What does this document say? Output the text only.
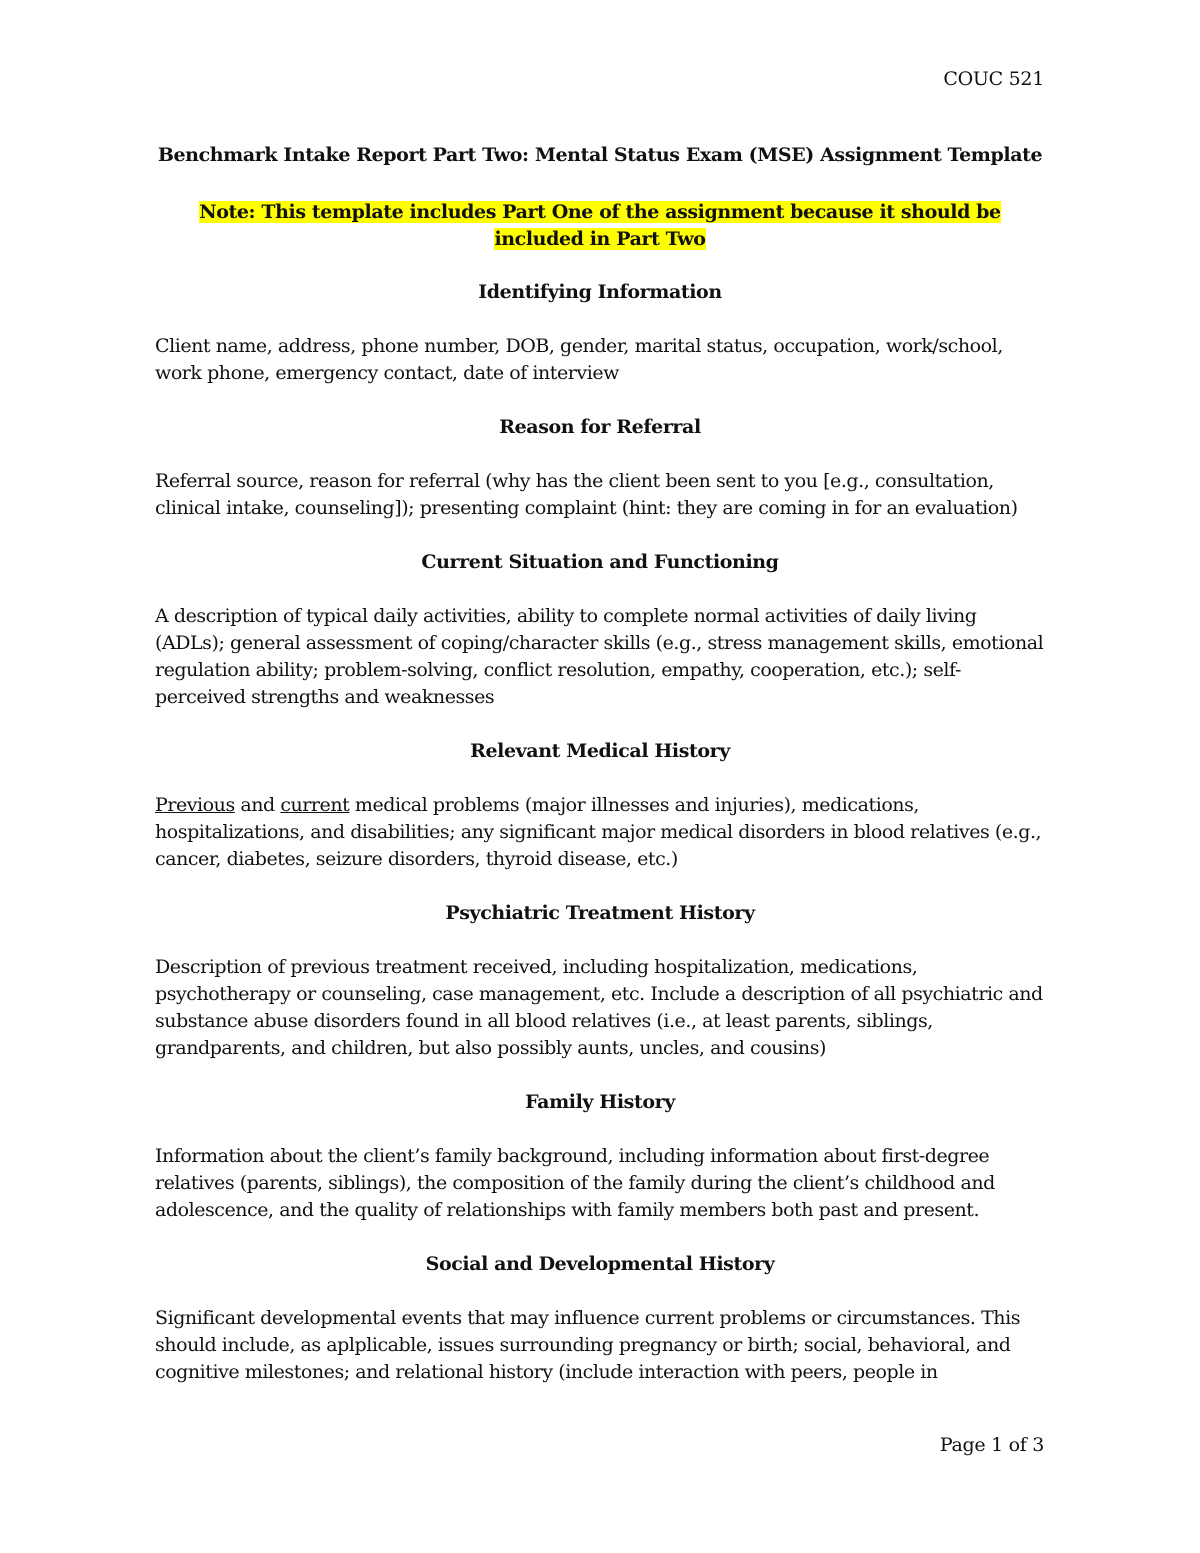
COUC 521
Benchmark Intake Report Part Two: Mental Status Exam (MSE) Assignment Template
Note: This template includes Part One of the assignment because it should be included in Part Two
Identifying Information
Client name, address, phone number, DOB, gender, marital status, occupation, work/school, work phone, emergency contact, date of interview
Reason for Referral
Referral source, reason for referral (why has the client been sent to you [e.g., consultation, clinical intake, counseling]); presenting complaint (hint: they are coming in for an evaluation)
Current Situation and Functioning
A description of typical daily activities, ability to complete normal activities of daily living (ADLs); general assessment of coping/character skills (e.g., stress management skills, emotional regulation ability; problem-solving, conflict resolution, empathy, cooperation, etc.); self-perceived strengths and weaknesses
Relevant Medical History
Previous and current medical problems (major illnesses and injuries), medications, hospitalizations, and disabilities; any significant major medical disorders in blood relatives (e.g., cancer, diabetes, seizure disorders, thyroid disease, etc.)
Psychiatric Treatment History
Description of previous treatment received, including hospitalization, medications, psychotherapy or counseling, case management, etc. Include a description of all psychiatric and substance abuse disorders found in all blood relatives (i.e., at least parents, siblings, grandparents, and children, but also possibly aunts, uncles, and cousins)
Family History
Information about the client’s family background, including information about first-degree relatives (parents, siblings), the composition of the family during the client’s childhood and adolescence, and the quality of relationships with family members both past and present.
Social and Developmental History
Significant developmental events that may influence current problems or circumstances. This should include, as aplplicable, issues surrounding pregnancy or birth; social, behavioral, and cognitive milestones; and relational history (include interaction with peers, people in
Page 1 of 3
